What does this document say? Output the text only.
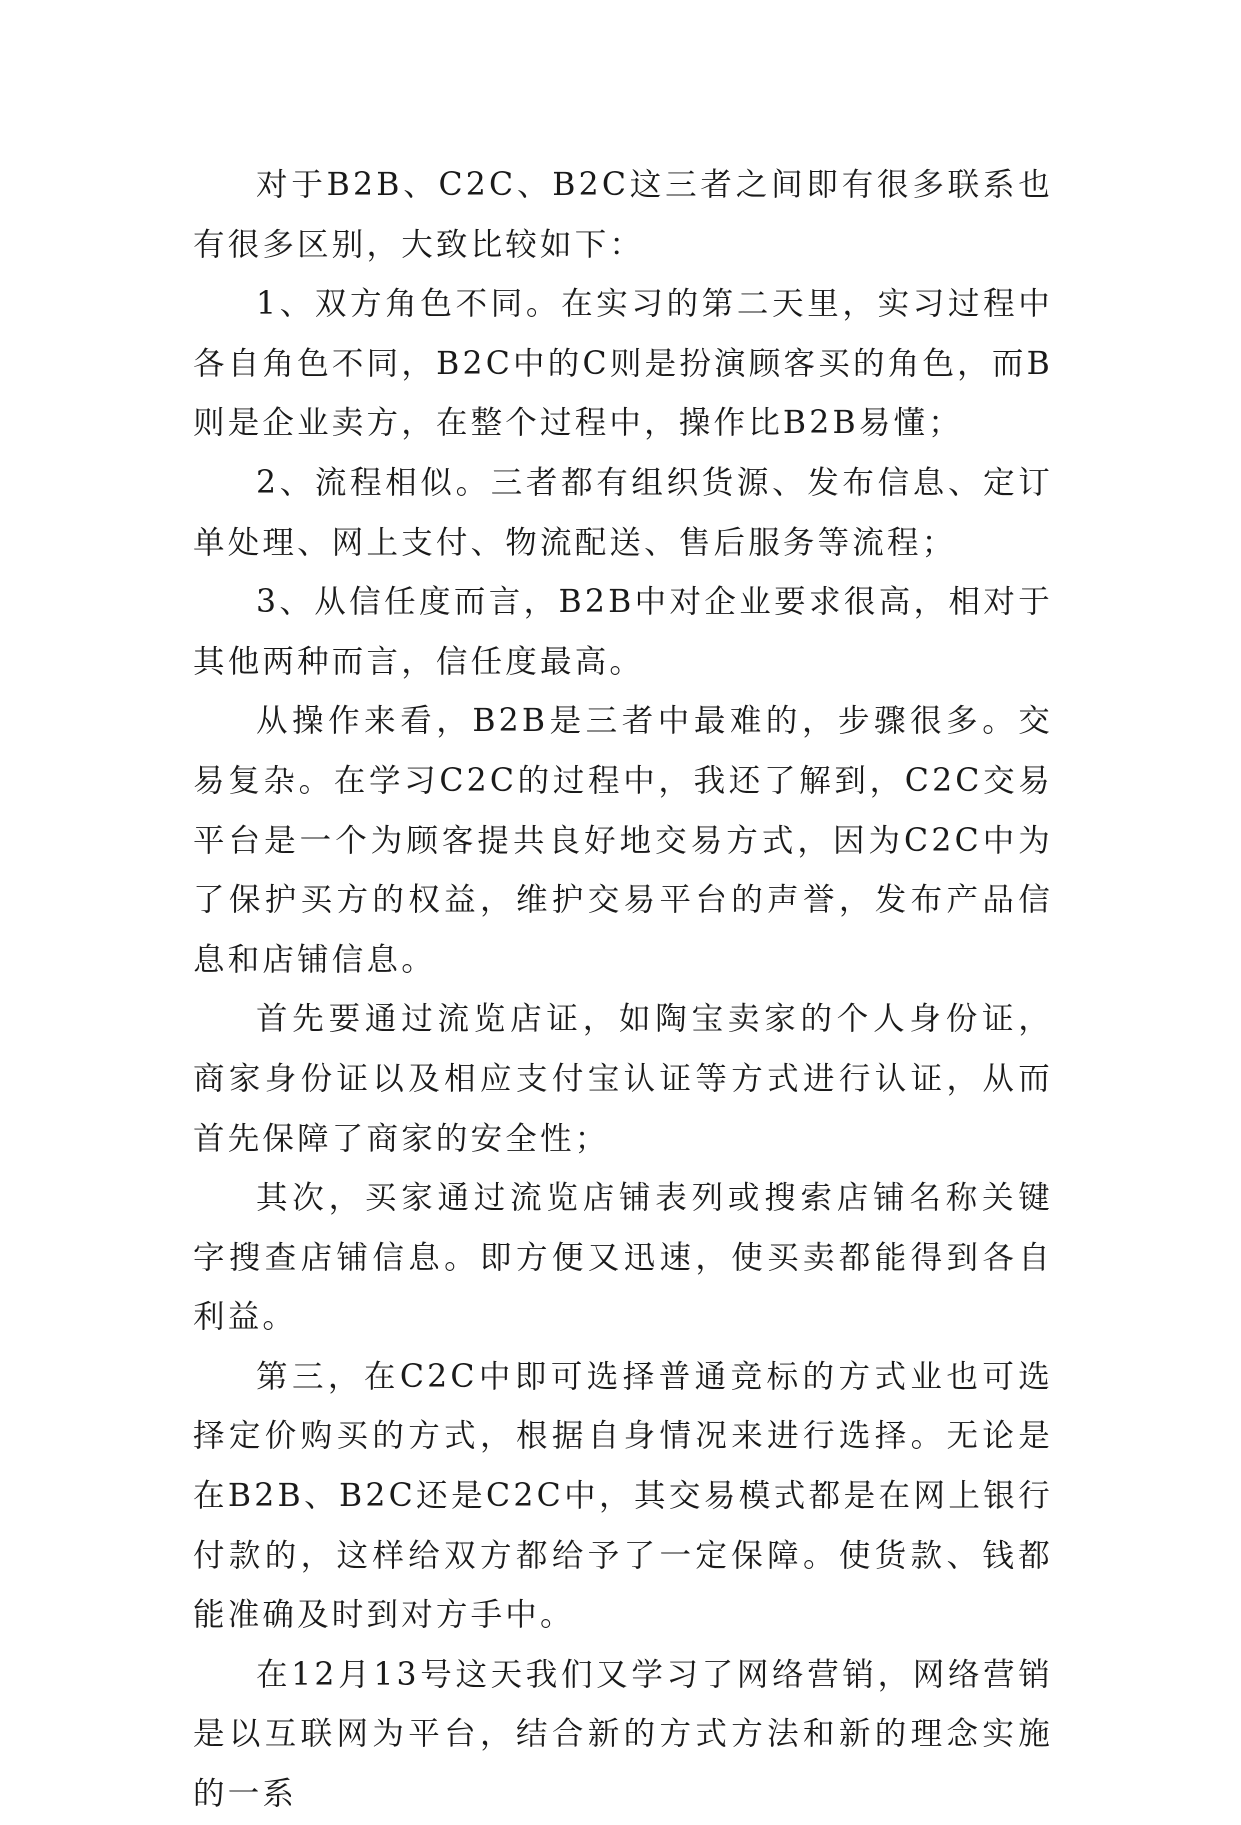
对于B2B、C2C、B2C这三者之间即有很多联系也有很多区别，大致比较如下：

1、双方角色不同。在实习的第二天里，实习过程中各自角色不同，B2C中的C则是扮演顾客买的角色，而B则是企业卖方，在整个过程中，操作比B2B易懂；

2、流程相似。三者都有组织货源、发布信息、定订单处理、网上支付、物流配送、售后服务等流程；

3、从信任度而言，B2B中对企业要求很高，相对于其他两种而言，信任度最高。

从操作来看，B2B是三者中最难的，步骤很多。交易复杂。在学习C2C的过程中，我还了解到，C2C交易平台是一个为顾客提共良好地交易方式，因为C2C中为了保护买方的权益，维护交易平台的声誉，发布产品信息和店铺信息。

首先要通过流览店证，如陶宝卖家的个人身份证，商家身份证以及相应支付宝认证等方式进行认证，从而首先保障了商家的安全性；

其次，买家通过流览店铺表列或搜索店铺名称关键字搜查店铺信息。即方便又迅速，使买卖都能得到各自利益。

第三，在C2C中即可选择普通竞标的方式业也可选择定价购买的方式，根据自身情况来进行选择。无论是在B2B、B2C还是C2C中，其交易模式都是在网上银行付款的，这样给双方都给予了一定保障。使货款、钱都能准确及时到对方手中。

在12月13号这天我们又学习了网络营销，网络营销是以互联网为平台，结合新的方式方法和新的理念实施的一系
